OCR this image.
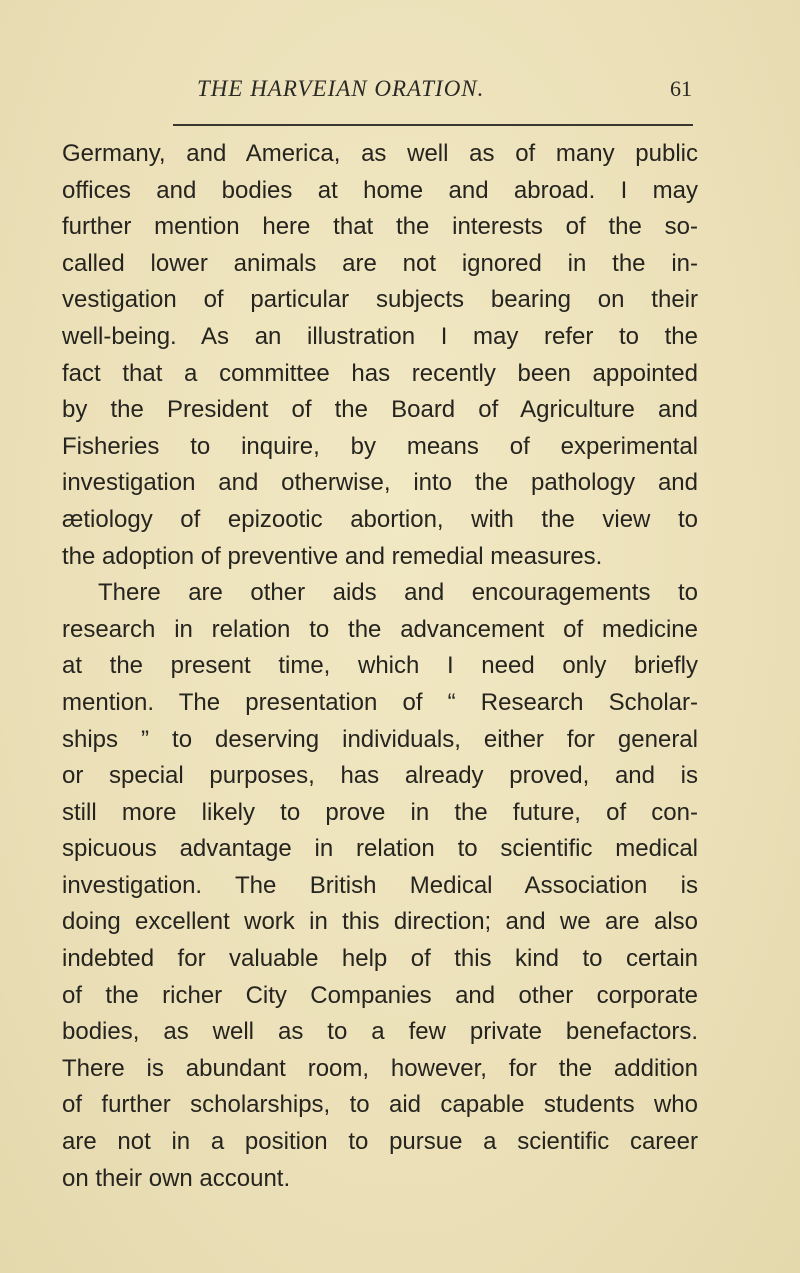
THE HARVEIAN ORATION.	61
Germany, and America, as well as of many public
offices and bodies at home and abroad. I may
further mention here that the interests of the so-
called lower animals are not ignored in the in-
vestigation of particular subjects bearing on their
well-being. As an illustration I may refer to the
fact that a committee has recently been appointed
by the President of the Board of Agriculture and
Fisheries to inquire, by means of experimental
investigation and otherwise, into the pathology and
ætiology of epizootic abortion, with the view to
the adoption of preventive and remedial measures.
There are other aids and encouragements to
research in relation to the advancement of medicine
at the present time, which I need only briefly
mention. The presentation of “ Research Scholar-
ships ” to deserving individuals, either for general
or special purposes, has already proved, and is
still more likely to prove in the future, of con-
spicuous advantage in relation to scientific medical
investigation. The British Medical Association is
doing excellent work in this direction; and we are also
indebted for valuable help of this kind to certain
of the richer City Companies and other corporate
bodies, as well as to a few private benefactors.
There is abundant room, however, for the addition
of further scholarships, to aid capable students who
are not in a position to pursue a scientific career
on their own account.
